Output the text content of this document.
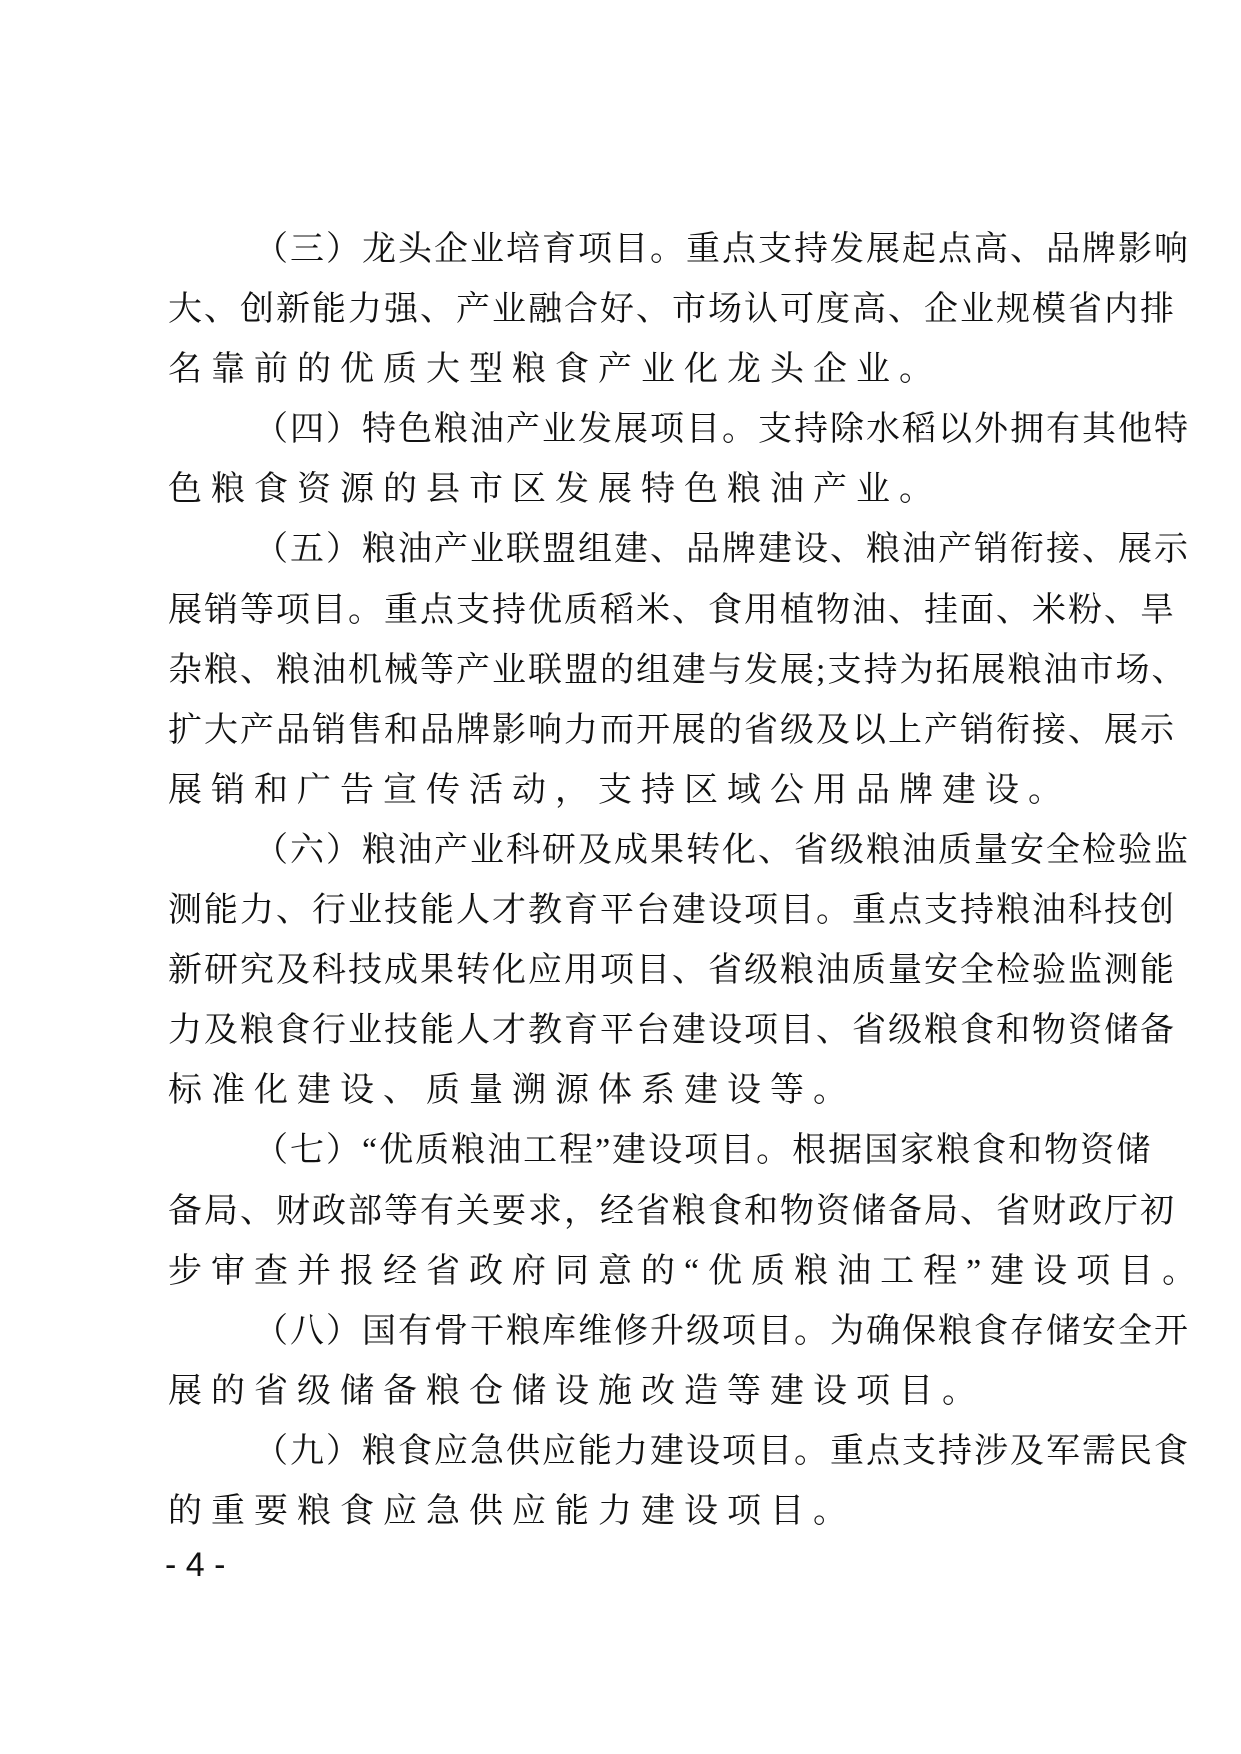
（三）龙头企业培育项目。重点支持发展起点高、品牌影响
大、创新能力强、产业融合好、市场认可度高、企业规模省内排
名靠前的优质大型粮食产业化龙头企业。
（四）特色粮油产业发展项目。支持除水稻以外拥有其他特
色粮食资源的县市区发展特色粮油产业。
（五）粮油产业联盟组建、品牌建设、粮油产销衔接、展示
展销等项目。重点支持优质稻米、食用植物油、挂面、米粉、旱
杂粮、粮油机械等产业联盟的组建与发展;支持为拓展粮油市场、
扩大产品销售和品牌影响力而开展的省级及以上产销衔接、展示
展销和广告宣传活动，支持区域公用品牌建设。
（六）粮油产业科研及成果转化、省级粮油质量安全检验监
测能力、行业技能人才教育平台建设项目。重点支持粮油科技创
新研究及科技成果转化应用项目、省级粮油质量安全检验监测能
力及粮食行业技能人才教育平台建设项目、省级粮食和物资储备
标准化建设、质量溯源体系建设等。
（七）“优质粮油工程”建设项目。根据国家粮食和物资储
备局、财政部等有关要求，经省粮食和物资储备局、省财政厅初
步审查并报经省政府同意的“优质粮油工程”建设项目。
（八）国有骨干粮库维修升级项目。为确保粮食存储安全开
展的省级储备粮仓储设施改造等建设项目。
（九）粮食应急供应能力建设项目。重点支持涉及军需民食
的重要粮食应急供应能力建设项目。
- 4 -
